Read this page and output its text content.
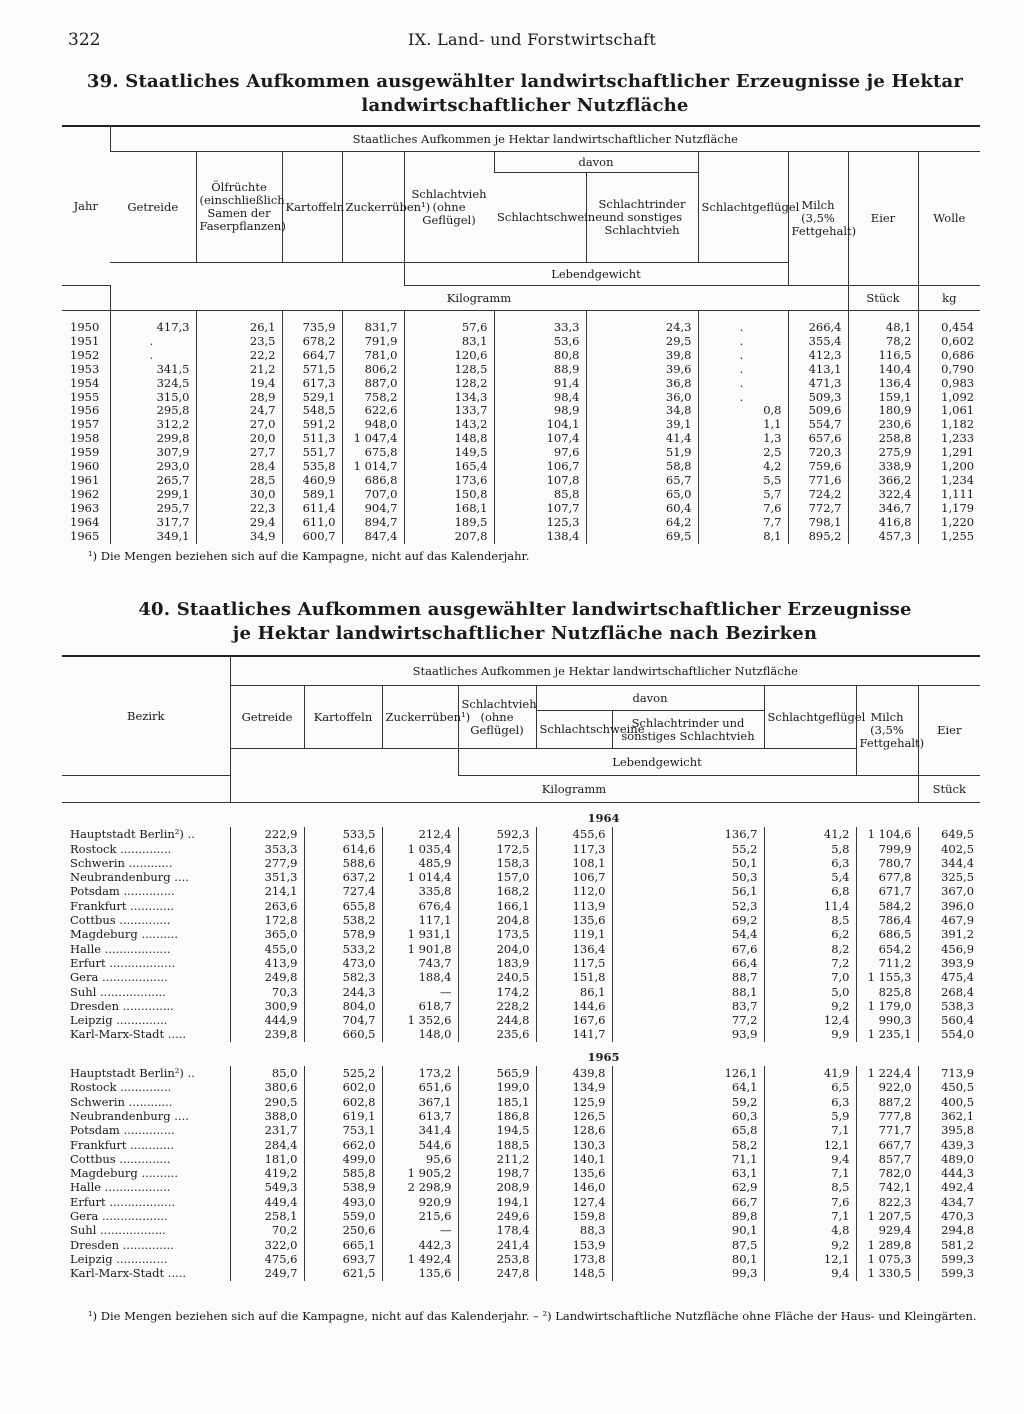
322	IX. Land- und Forstwirtschaft
39. Staatliches Aufkommen ausgewählter landwirtschaftlicher Erzeugnisse je Hektar landwirtschaftlicher Nutzfläche
Jahr	Staatliches Aufkommen je Hektar landwirtschaftlicher Nutzfläche										
	Getreide	Ölfrüchte (einschließlich Samen der Faserpflanzen)	Kartoffeln	Zuckerrüben¹)	Schlachtvieh (ohne Geflügel)	davon		Schlachtgeflügel	Milch (3,5% Fettgehalt)	Eier	Wolle
						Schlachtschweine	Schlachtrinder und sonstiges Schlachtvieh				
					Lebendgewicht						
	Kilogramm									Stück	kg

1950	417,3	26,1	735,9	831,7	57,6	33,3	24,3	.	266,4	48,1	0,454
1951	.	23,5	678,2	791,9	83,1	53,6	29,5	.	355,4	78,2	0,602
1952	.	22,2	664,7	781,0	120,6	80,8	39,8	.	412,3	116,5	0,686
1953	341,5	21,2	571,5	806,2	128,5	88,9	39,6	.	413,1	140,4	0,790
1954	324,5	19,4	617,3	887,0	128,2	91,4	36,8	.	471,3	136,4	0,983
1955	315,0	28,9	529,1	758,2	134,3	98,4	36,0	.	509,3	159,1	1,092
1956	295,8	24,7	548,5	622,6	133,7	98,9	34,8	0,8	509,6	180,9	1,061
1957	312,2	27,0	591,2	948,0	143,2	104,1	39,1	1,1	554,7	230,6	1,182
1958	299,8	20,0	511,3	1 047,4	148,8	107,4	41,4	1,3	657,6	258,8	1,233
1959	307,9	27,7	551,7	675,8	149,5	97,6	51,9	2,5	720,3	275,9	1,291
1960	293,0	28,4	535,8	1 014,7	165,4	106,7	58,8	4,2	759,6	338,9	1,200
1961	265,7	28,5	460,9	686,8	173,6	107,8	65,7	5,5	771,6	366,2	1,234
1962	299,1	30,0	589,1	707,0	150,8	85,8	65,0	5,7	724,2	322,4	1,111
1963	295,7	22,3	611,4	904,7	168,1	107,7	60,4	7,6	772,7	346,7	1,179
1964	317,7	29,4	611,0	894,7	189,5	125,3	64,2	7,7	798,1	416,8	1,220
1965	349,1	34,9	600,7	847,4	207,8	138,4	69,5	8,1	895,2	457,3	1,255
¹) Die Mengen beziehen sich auf die Kampagne, nicht auf das Kalenderjahr.
40. Staatliches Aufkommen ausgewählter landwirtschaftlicher Erzeugnisse
je Hektar landwirtschaftlicher Nutzfläche nach Bezirken
Bezirk	Staatliches Aufkommen je Hektar landwirtschaftlicher Nutzfläche								
	Getreide	Kartoffeln	Zuckerrüben¹)	Schlachtvieh (ohne Geflügel)	davon		Schlachtgeflügel	Milch (3,5% Fettgehalt)	Eier
					Schlachtschweine	Schlachtrinder und sonstiges Schlachtvieh			
				Lebendgewicht					
	Kilogramm								Stück
	1964								
Hauptstadt Berlin²) ..	222,9	533,5	212,4	592,3	455,6	136,7	41,2	1 104,6	649,5
Rostock ..............	353,3	614,6	1 035,4	172,5	117,3	55,2	5,8	799,9	402,5
Schwerin ............	277,9	588,6	485,9	158,3	108,1	50,1	6,3	780,7	344,4
Neubrandenburg ....	351,3	637,2	1 014,4	157,0	106,7	50,3	5,4	677,8	325,5
Potsdam ..............	214,1	727,4	335,8	168,2	112,0	56,1	6,8	671,7	367,0
Frankfurt ............	263,6	655,8	676,4	166,1	113,9	52,3	11,4	584,2	396,0
Cottbus ..............	172,8	538,2	117,1	204,8	135,6	69,2	8,5	786,4	467,9
Magdeburg ..........	365,0	578,9	1 931,1	173,5	119,1	54,4	6,2	686,5	391,2
Halle ..................	455,0	533,2	1 901,8	204,0	136,4	67,6	8,2	654,2	456,9
Erfurt ..................	413,9	473,0	743,7	183,9	117,5	66,4	7,2	711,2	393,9
Gera ..................	249,8	582,3	188,4	240,5	151,8	88,7	7,0	1 155,3	475,4
Suhl ..................	70,3	244,3	—	174,2	86,1	88,1	5,0	825,8	268,4
Dresden ..............	300,9	804,0	618,7	228,2	144,6	83,7	9,2	1 179,0	538,3
Leipzig ..............	444,9	704,7	1 352,6	244,8	167,6	77,2	12,4	990,3	560,4
Karl-Marx-Stadt .....	239,8	660,5	148,0	235,6	141,7	93,9	9,9	1 235,1	554,0
	1965								
Hauptstadt Berlin²) ..	85,0	525,2	173,2	565,9	439,8	126,1	41,9	1 224,4	713,9
Rostock ..............	380,6	602,0	651,6	199,0	134,9	64,1	6,5	922,0	450,5
Schwerin ............	290,5	602,8	367,1	185,1	125,9	59,2	6,3	887,2	400,5
Neubrandenburg ....	388,0	619,1	613,7	186,8	126,5	60,3	5,9	777,8	362,1
Potsdam ..............	231,7	753,1	341,4	194,5	128,6	65,8	7,1	771,7	395,8
Frankfurt ............	284,4	662,0	544,6	188,5	130,3	58,2	12,1	667,7	439,3
Cottbus ..............	181,0	499,0	95,6	211,2	140,1	71,1	9,4	857,7	489,0
Magdeburg ..........	419,2	585,8	1 905,2	198,7	135,6	63,1	7,1	782,0	444,3
Halle ..................	549,3	538,9	2 298,9	208,9	146,0	62,9	8,5	742,1	492,4
Erfurt ..................	449,4	493,0	920,9	194,1	127,4	66,7	7,6	822,3	434,7
Gera ..................	258,1	559,0	215,6	249,6	159,8	89,8	7,1	1 207,5	470,3
Suhl ..................	70,2	250,6	—	178,4	88,3	90,1	4,8	929,4	294,8
Dresden ..............	322,0	665,1	442,3	241,4	153,9	87,5	9,2	1 289,8	581,2
Leipzig ..............	475,6	693,7	1 492,4	253,8	173,8	80,1	12,1	1 075,3	599,3
Karl-Marx-Stadt .....	249,7	621,5	135,6	247,8	148,5	99,3	9,4	1 330,5	599,3
¹) Die Mengen beziehen sich auf die Kampagne, nicht auf das Kalenderjahr. – ²) Landwirtschaftliche Nutzfläche ohne Fläche der Haus- und Kleingärten.
